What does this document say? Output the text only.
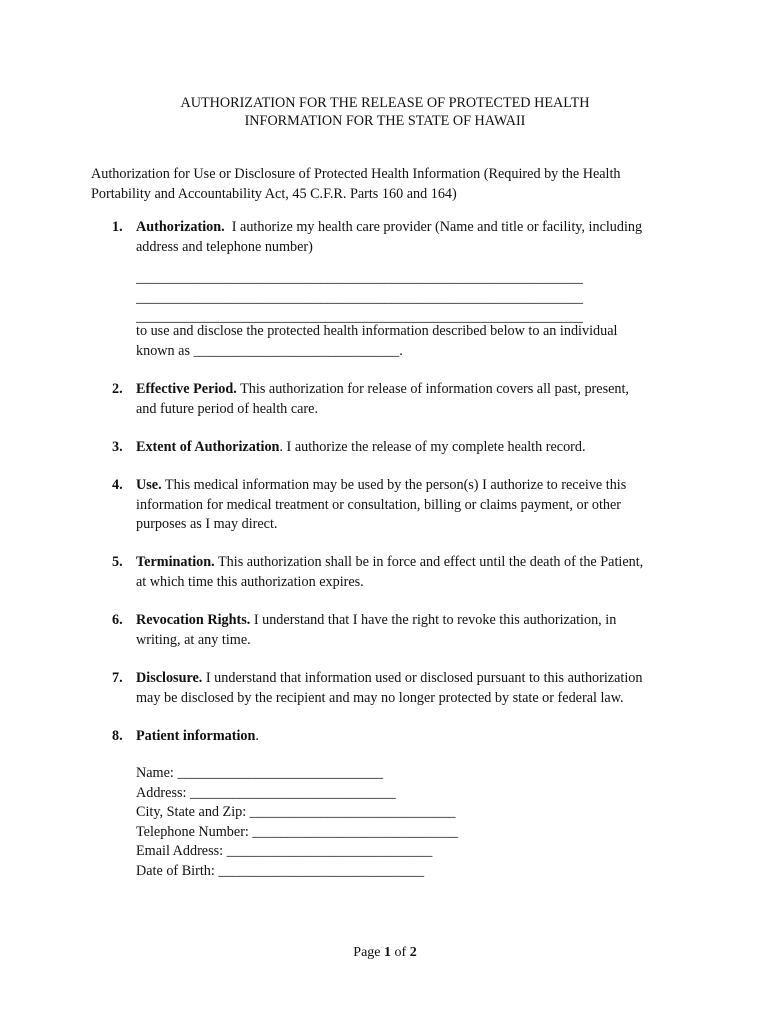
AUTHORIZATION FOR THE RELEASE OF PROTECTED HEALTH
INFORMATION FOR THE STATE OF HAWAII
Authorization for Use or Disclosure of Protected Health Information (Required by the Health
Portability and Accountability Act, 45 C.F.R. Parts 160 and 164)
1. Authorization.  I authorize my health care provider (Name and title or facility, including
address and telephone number)
_______________________________________________________________
_______________________________________________________________
_______________________________________________________________
to use and disclose the protected health information described below to an individual
known as _____________________________.
2. Effective Period. This authorization for release of information covers all past, present,
and future period of health care.
3. Extent of Authorization. I authorize the release of my complete health record.
4. Use. This medical information may be used by the person(s) I authorize to receive this
information for medical treatment or consultation, billing or claims payment, or other
purposes as I may direct.
5. Termination. This authorization shall be in force and effect until the death of the Patient,
at which time this authorization expires.
6. Revocation Rights. I understand that I have the right to revoke this authorization, in
writing, at any time.
7. Disclosure. I understand that information used or disclosed pursuant to this authorization
may be disclosed by the recipient and may no longer protected by state or federal law.
8. Patient information.
Name: _____________________________
Address: _____________________________
City, State and Zip: _____________________________
Telephone Number: _____________________________
Email Address: _____________________________
Date of Birth: _____________________________
Page 1 of 2
